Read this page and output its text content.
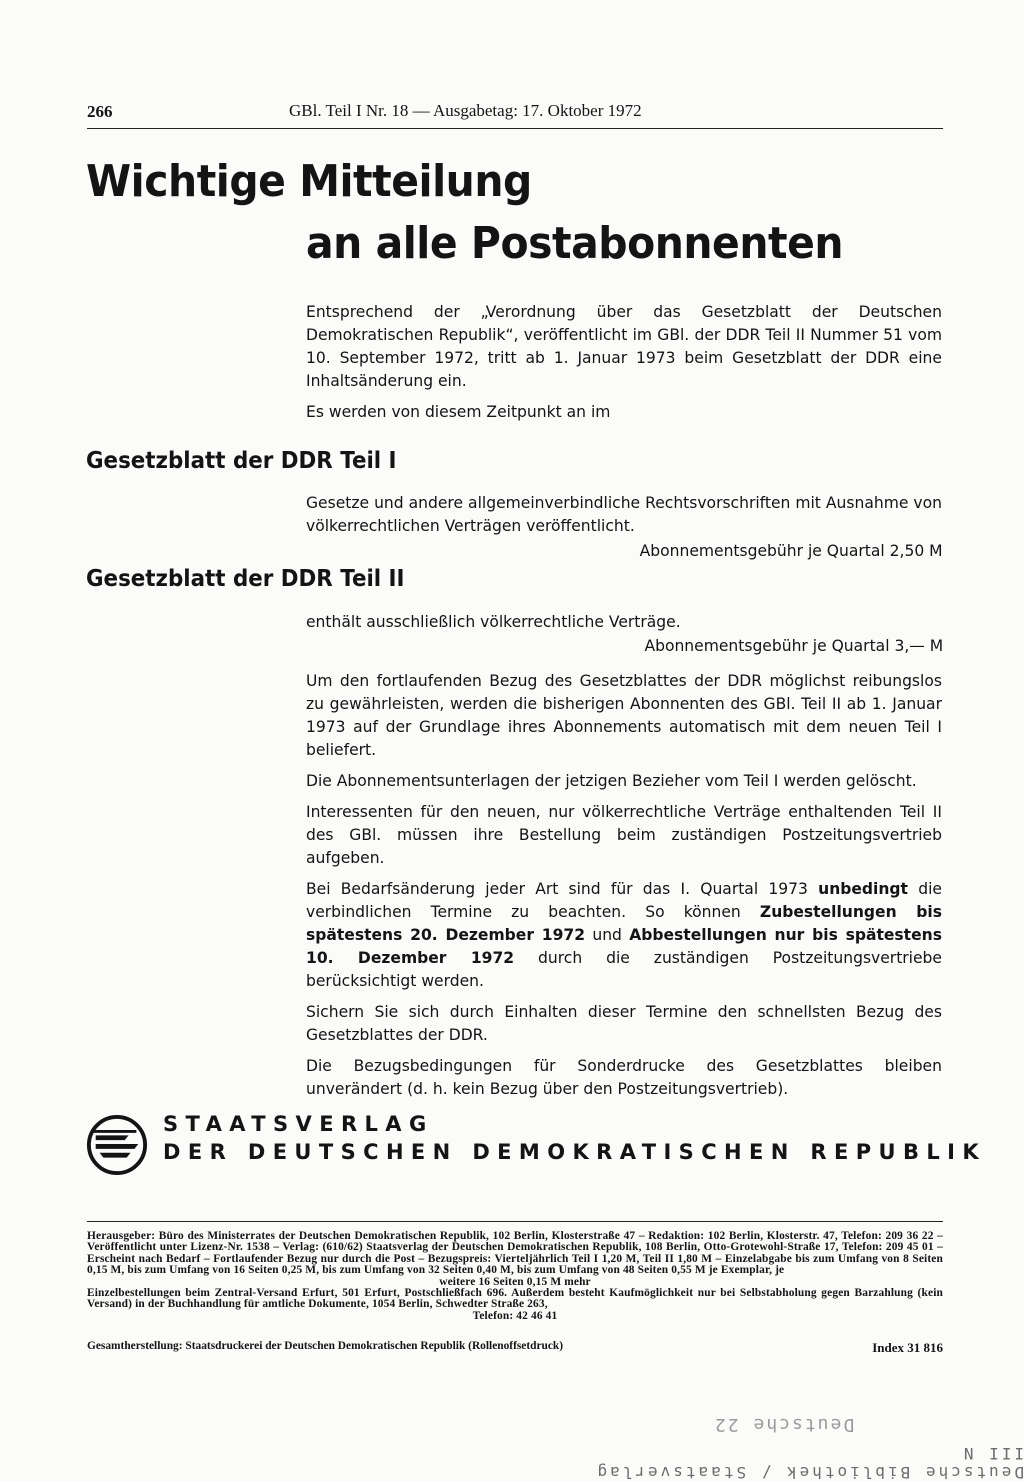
266	GBl. Teil I Nr. 18 — Ausgabetag: 17. Oktober 1972
Wichtige Mitteilung
an alle Postabonnenten

Entsprechend der „Verordnung über das Gesetzblatt der Deutschen Demokratischen Republik“, veröffentlicht im GBl. der DDR Teil II Nummer 51 vom 10. September 1972, tritt ab 1. Januar 1973 beim Gesetzblatt der DDR eine Inhaltsänderung ein.

Es werden von diesem Zeitpunkt an im

Gesetzblatt der DDR Teil I

Gesetze und andere allgemeinverbindliche Rechtsvorschriften mit Ausnahme von völkerrechtlichen Verträgen veröffentlicht.

Abonnementsgebühr je Quartal 2,50 M
Gesetzblatt der DDR Teil II

enthält ausschließlich völkerrechtliche Verträge.

Abonnementsgebühr je Quartal 3,— M

Um den fortlaufenden Bezug des Gesetzblattes der DDR möglichst reibungslos zu gewährleisten, werden die bisherigen Abonnenten des GBl. Teil II ab 1. Januar 1973 auf der Grundlage ihres Abonnements automatisch mit dem neuen Teil I beliefert.

Die Abonnementsunterlagen der jetzigen Bezieher vom Teil I werden gelöscht.

Interessenten für den neuen, nur völkerrechtliche Verträge enthaltenden Teil II des GBl. müssen ihre Bestellung beim zuständigen Postzeitungsvertrieb aufgeben.

Bei Bedarfsänderung jeder Art sind für das I. Quartal 1973 unbedingt die verbindlichen Termine zu beachten. So können Zubestellungen bis spätestens 20. Dezember 1972 und Abbestellungen nur bis spätestens 10. Dezember 1972 durch die zuständigen Postzeitungsvertriebe berücksichtigt werden.

Sichern Sie sich durch Einhalten dieser Termine den schnellsten Bezug des Gesetzblattes der DDR.

Die Bezugsbedingungen für Sonderdrucke des Gesetzblattes bleiben unverändert (d. h. kein Bezug über den Postzeitungsvertrieb).

STAATSVERLAG
DER DEUTSCHEN DEMOKRATISCHEN REPUBLIK
Herausgeber: Büro des Ministerrates der Deutschen Demokratischen Republik, 102 Berlin, Klosterstraße 47 – Redaktion: 102 Berlin, Klosterstr. 47, Telefon: 209 36 22 – Veröffentlicht unter Lizenz-Nr. 1538 – Verlag: (610/62) Staatsverlag der Deutschen Demokratischen Republik, 108 Berlin, Otto-Grotewohl-Straße 17, Telefon: 209 45 01 – Erscheint nach Bedarf – Fortlaufender Bezug nur durch die Post – Bezugspreis: Vierteljährlich Teil I 1,20 M, Teil II 1,80 M – Einzelabgabe bis zum Umfang von 8 Seiten 0,15 M, bis zum Umfang von 16 Seiten 0,25 M, bis zum Umfang von 32 Seiten 0,40 M, bis zum Umfang von 48 Seiten 0,55 M je Exemplar, je
weitere 16 Seiten 0,15 M mehr
Einzelbestellungen beim Zentral-Versand Erfurt, 501 Erfurt, Postschließfach 696. Außerdem besteht Kaufmöglichkeit nur bei Selbstabholung gegen Barzahlung (kein Versand) in der Buchhandlung für amtliche Dokumente, 1054 Berlin, Schwedter Straße 263,
Telefon: 42 46 41
Gesamtherstellung: Staatsdruckerei der Deutschen Demokratischen Republik (Rollenoffsetdruck)	Index 31 816
Deutsche 22
Deutsche Bibliothek / Staatsverlag III N
